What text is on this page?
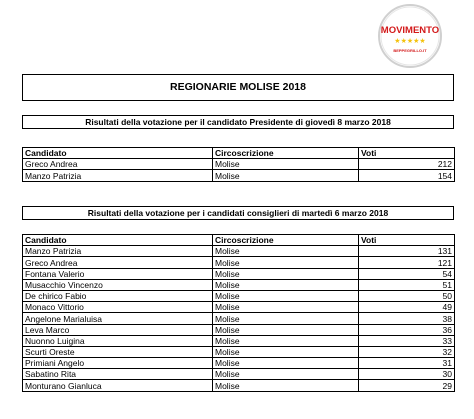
MOVIMENTO
★★★★★
BEPPEGRILLO.IT
REGIONARIE MOLISE 2018
Risultati della votazione per il candidato Presidente di giovedì 8 marzo 2018
Candidato	Circoscrizione	Voti
Greco Andrea	Molise	212
Manzo Patrizia	Molise	154
Risultati della votazione per i candidati consiglieri di martedì 6 marzo 2018
Candidato	Circoscrizione	Voti
Manzo Patrizia	Molise	131
Greco Andrea	Molise	121
Fontana Valerio	Molise	54
Musacchio Vincenzo	Molise	51
De chirico Fabio	Molise	50
Monaco Vittorio	Molise	49
Angelone Marialuisa	Molise	38
Leva Marco	Molise	36
Nuonno Luigina	Molise	33
Scurti Oreste	Molise	32
Primiani Angelo	Molise	31
Sabatino Rita	Molise	30
Monturano Gianluca	Molise	29
